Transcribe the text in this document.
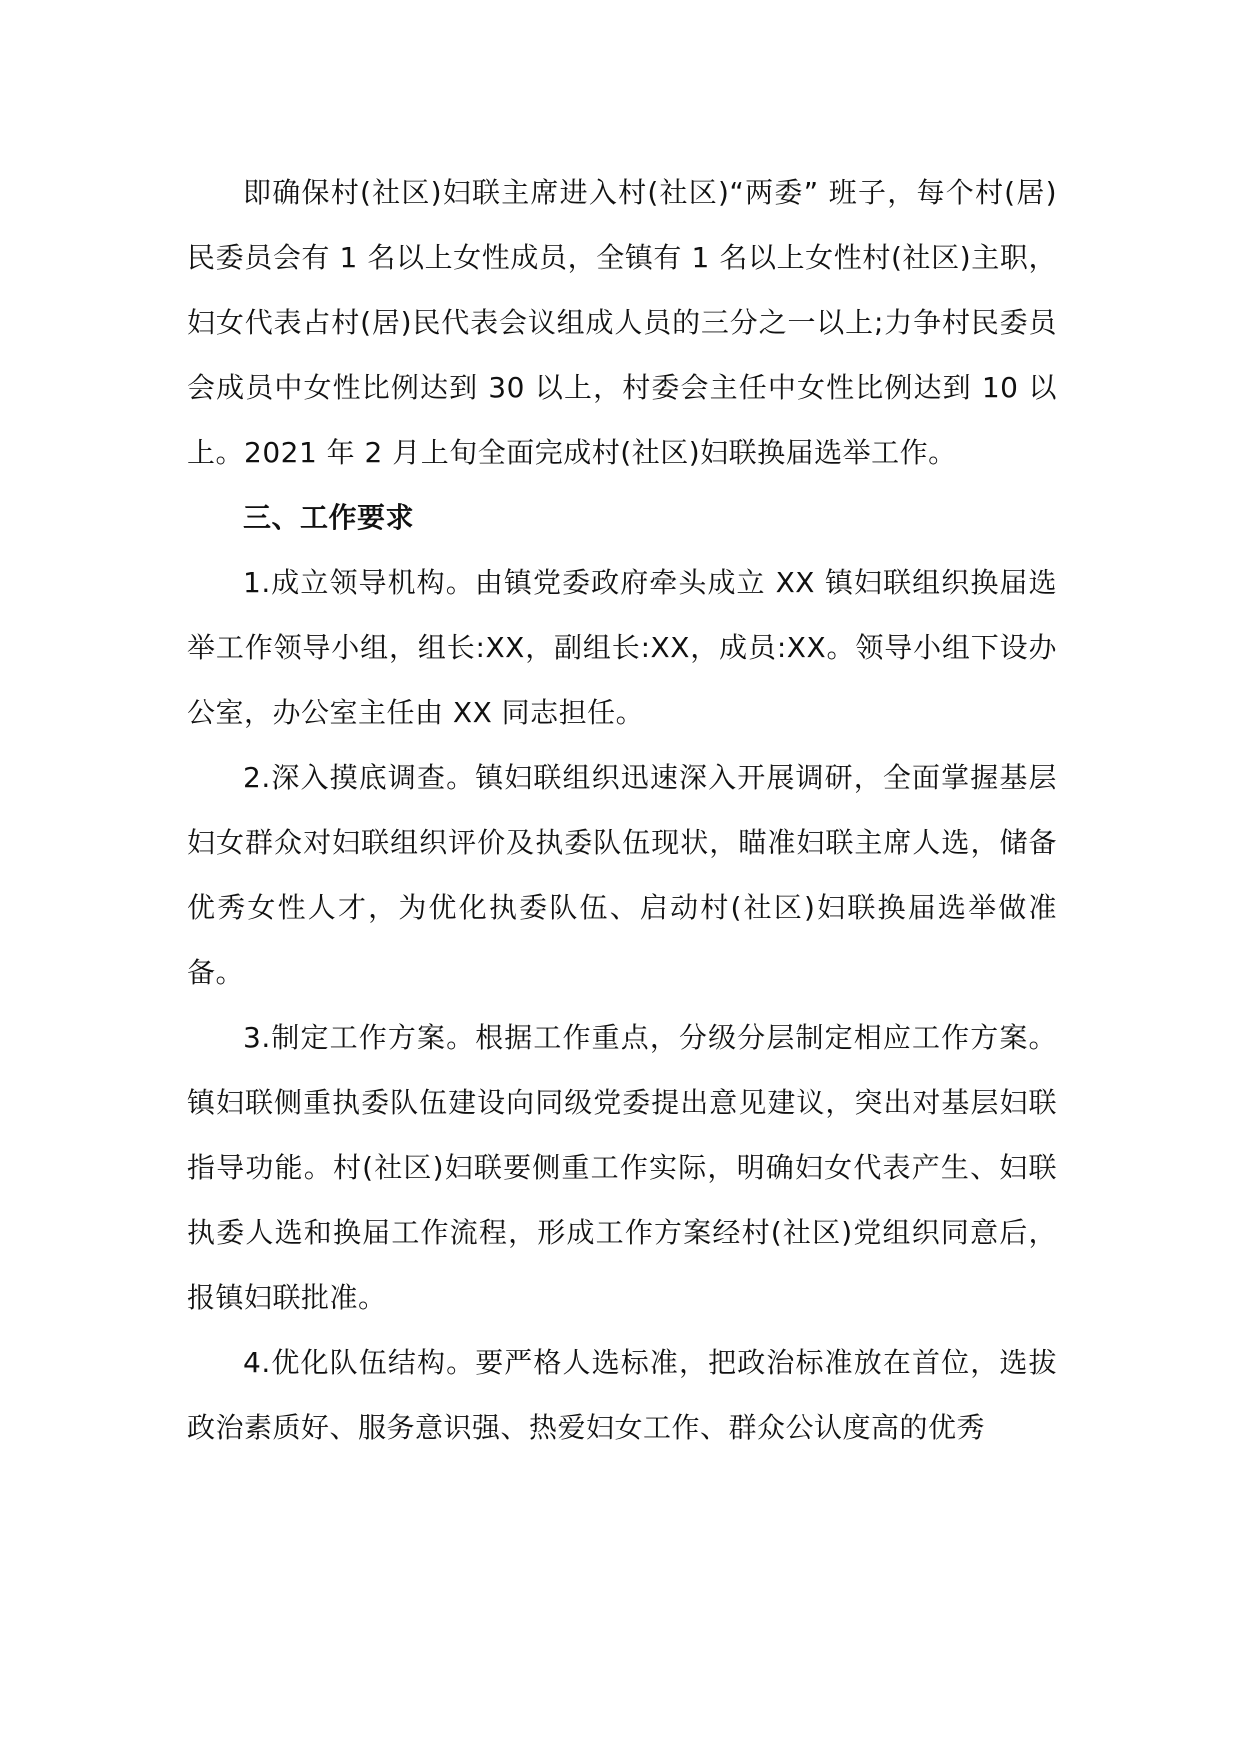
即确保村(社区)妇联主席进入村(社区)“两委” 班子，每个村(居)民委员会有 1 名以上女性成员，全镇有 1 名以上女性村(社区)主职，妇女代表占村(居)民代表会议组成人员的三分之一以上;力争村民委员会成员中女性比例达到 30 以上，村委会主任中女性比例达到 10 以上。2021 年 2 月上旬全面完成村(社区)妇联换届选举工作。

三、工作要求

1.成立领导机构。由镇党委政府牵头成立 XX 镇妇联组织换届选举工作领导小组，组长:XX，副组长:XX，成员:XX。领导小组下设办公室，办公室主任由 XX 同志担任。

2.深入摸底调查。镇妇联组织迅速深入开展调研，全面掌握基层妇女群众对妇联组织评价及执委队伍现状，瞄准妇联主席人选，储备优秀女性人才，为优化执委队伍、启动村(社区)妇联换届选举做准备。

3.制定工作方案。根据工作重点，分级分层制定相应工作方案。镇妇联侧重执委队伍建设向同级党委提出意见建议，突出对基层妇联指导功能。村(社区)妇联要侧重工作实际，明确妇女代表产生、妇联执委人选和换届工作流程，形成工作方案经村(社区)党组织同意后，报镇妇联批准。

4.优化队伍结构。要严格人选标准，把政治标准放在首位，选拔政治素质好、服务意识强、热爱妇女工作、群众公认度高的优秀
